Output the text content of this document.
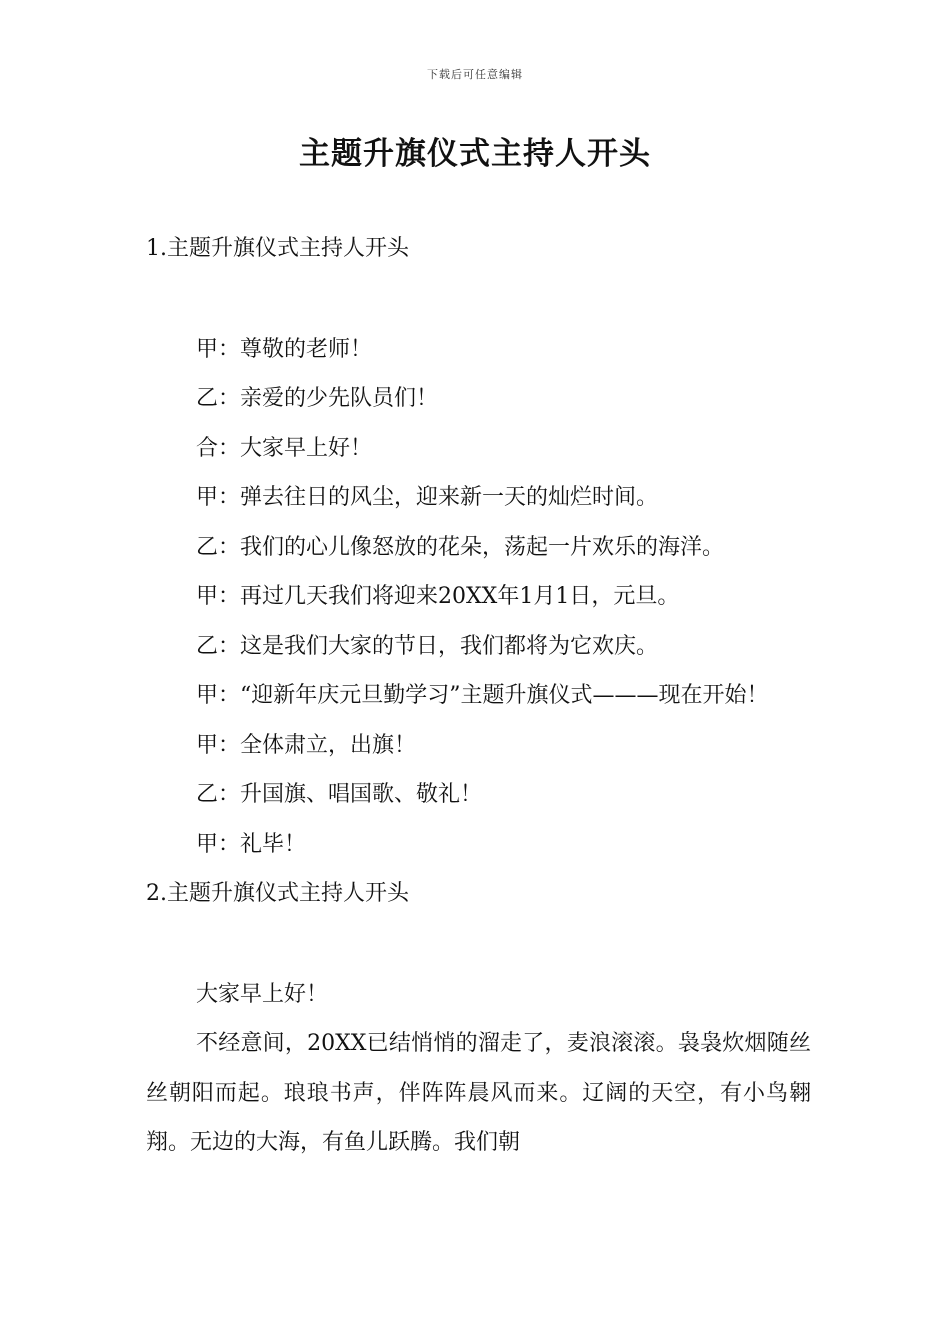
下载后可任意编辑
主题升旗仪式主持人开头
1.主题升旗仪式主持人开头
甲：尊敬的老师！
乙：亲爱的少先队员们！
合：大家早上好！
甲：弹去往日的风尘，迎来新一天的灿烂时间。
乙：我们的心儿像怒放的花朵，荡起一片欢乐的海洋。
甲：再过几天我们将迎来20XX年1月1日，元旦。
乙：这是我们大家的节日，我们都将为它欢庆。
甲：“迎新年庆元旦勤学习”主题升旗仪式———现在开始！
甲：全体肃立，出旗！
乙：升国旗、唱国歌、敬礼！
甲：礼毕！
2.主题升旗仪式主持人开头
大家早上好！
不经意间，20XX已结悄悄的溜走了，麦浪滚滚。袅袅炊烟随丝丝朝阳而起。琅琅书声，伴阵阵晨风而来。辽阔的天空，有小鸟翱翔。无边的大海，有鱼儿跃腾。我们朝
